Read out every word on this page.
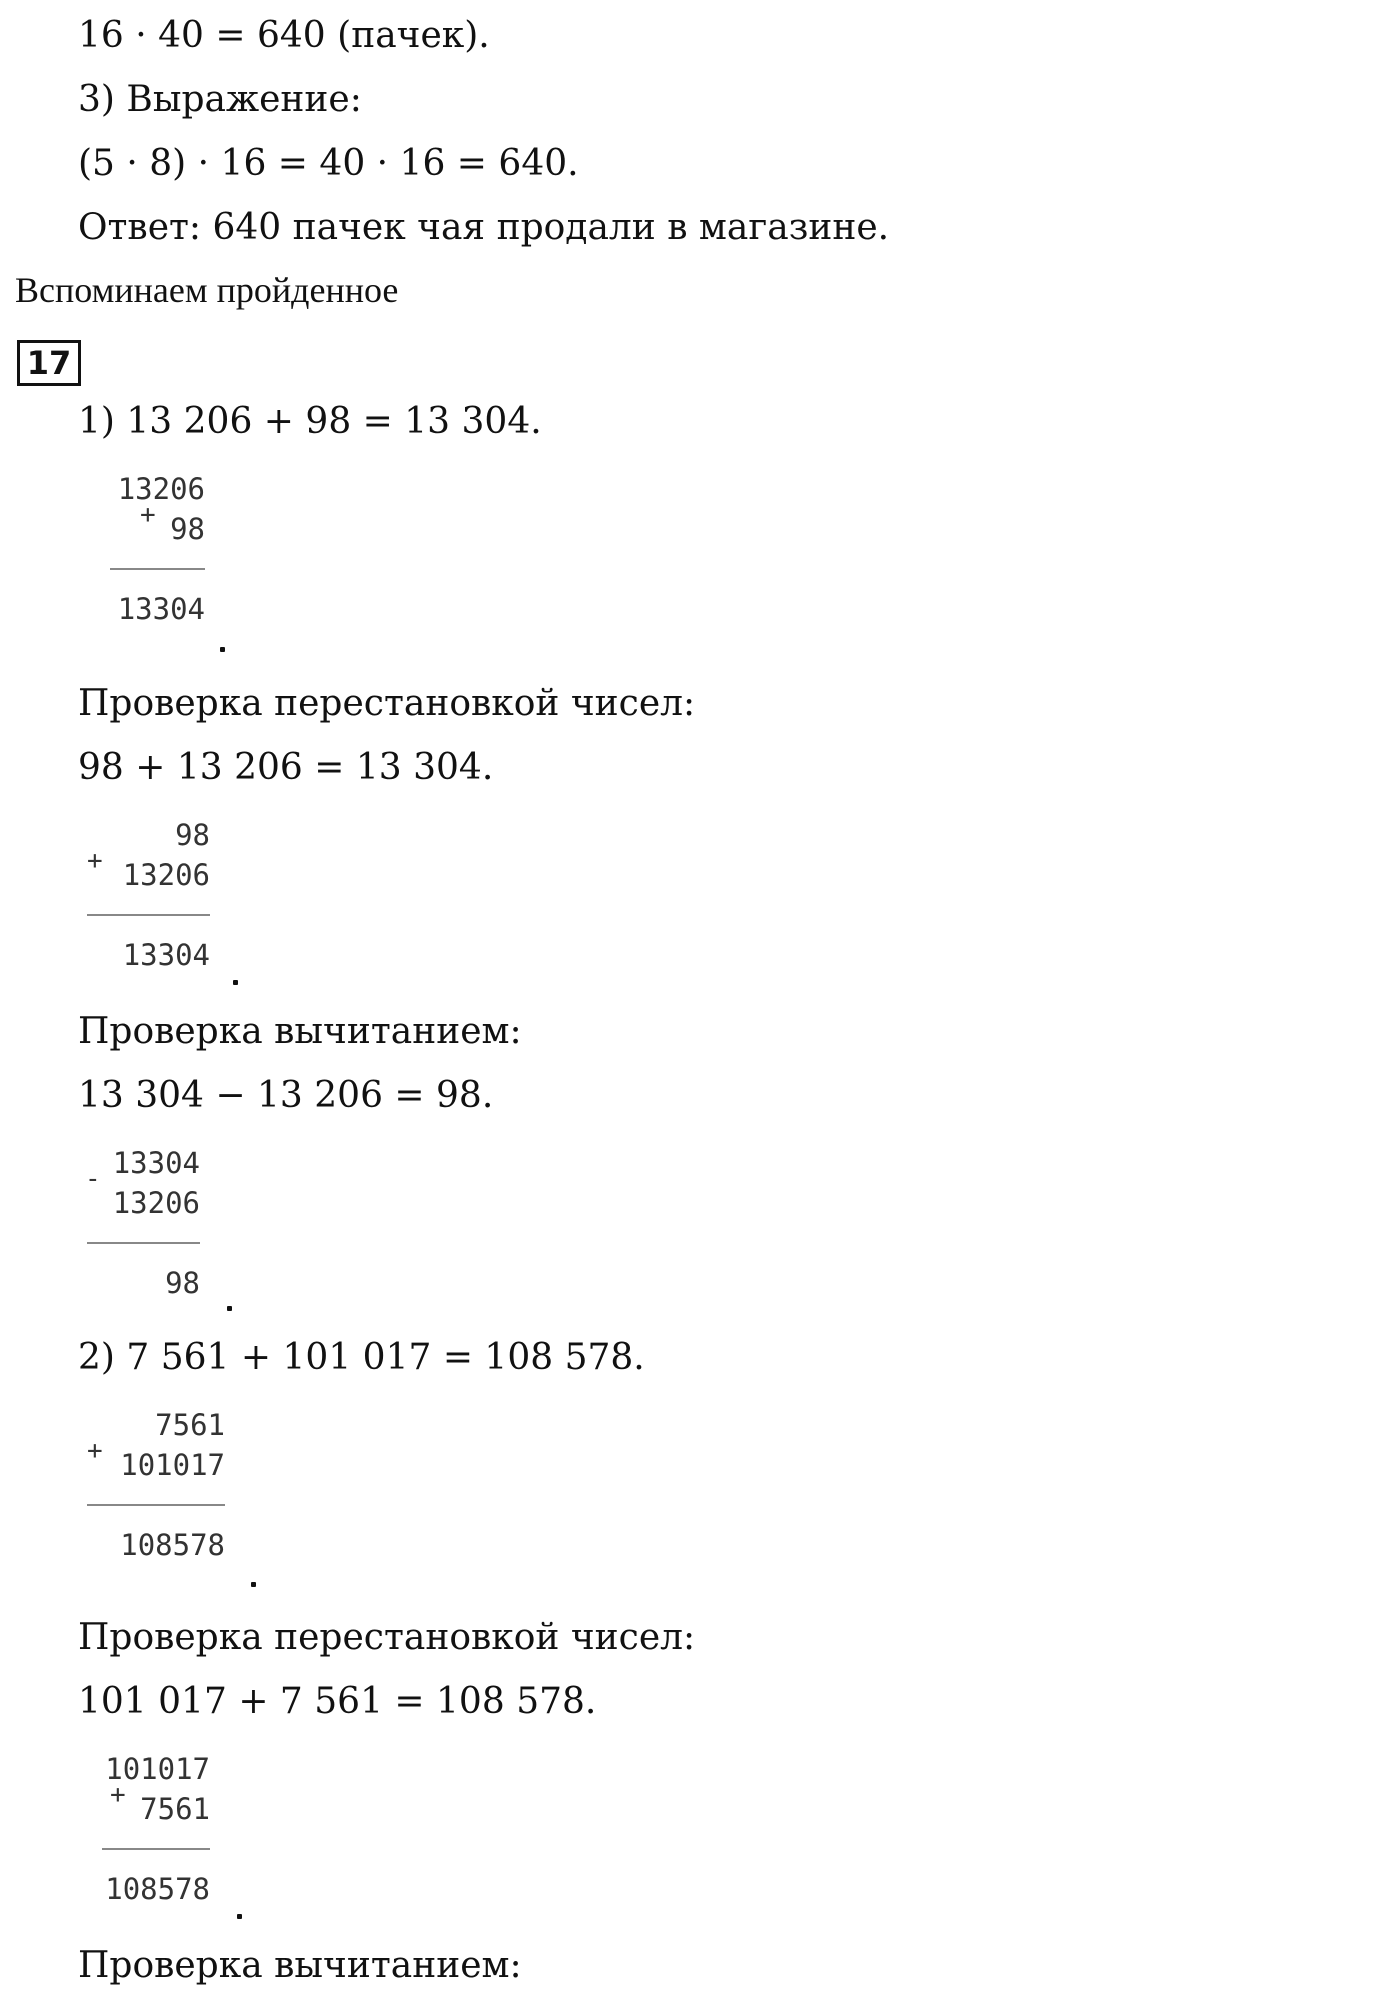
16 · 40 = 640 (пачек).
3) Выражение:
(5 · 8) · 16 = 40 · 16 = 640.
Ответ: 640 пачек чая продали в магазине.
Вспоминаем пройденное
17
1) 13 206 + 98 = 13 304.
13206
+ 98
13304
Проверка перестановкой чисел:
98 + 13 206 = 13 304.
98
+ 13206
13304
Проверка вычитанием:
13 304 − 13 206 = 98.
13304
-
13206
98
2) 7 561 + 101 017 = 108 578.
7561
+ 101017
108578
Проверка перестановкой чисел:
101 017 + 7 561 = 108 578.
101017
+ 7561
108578
Проверка вычитанием:
